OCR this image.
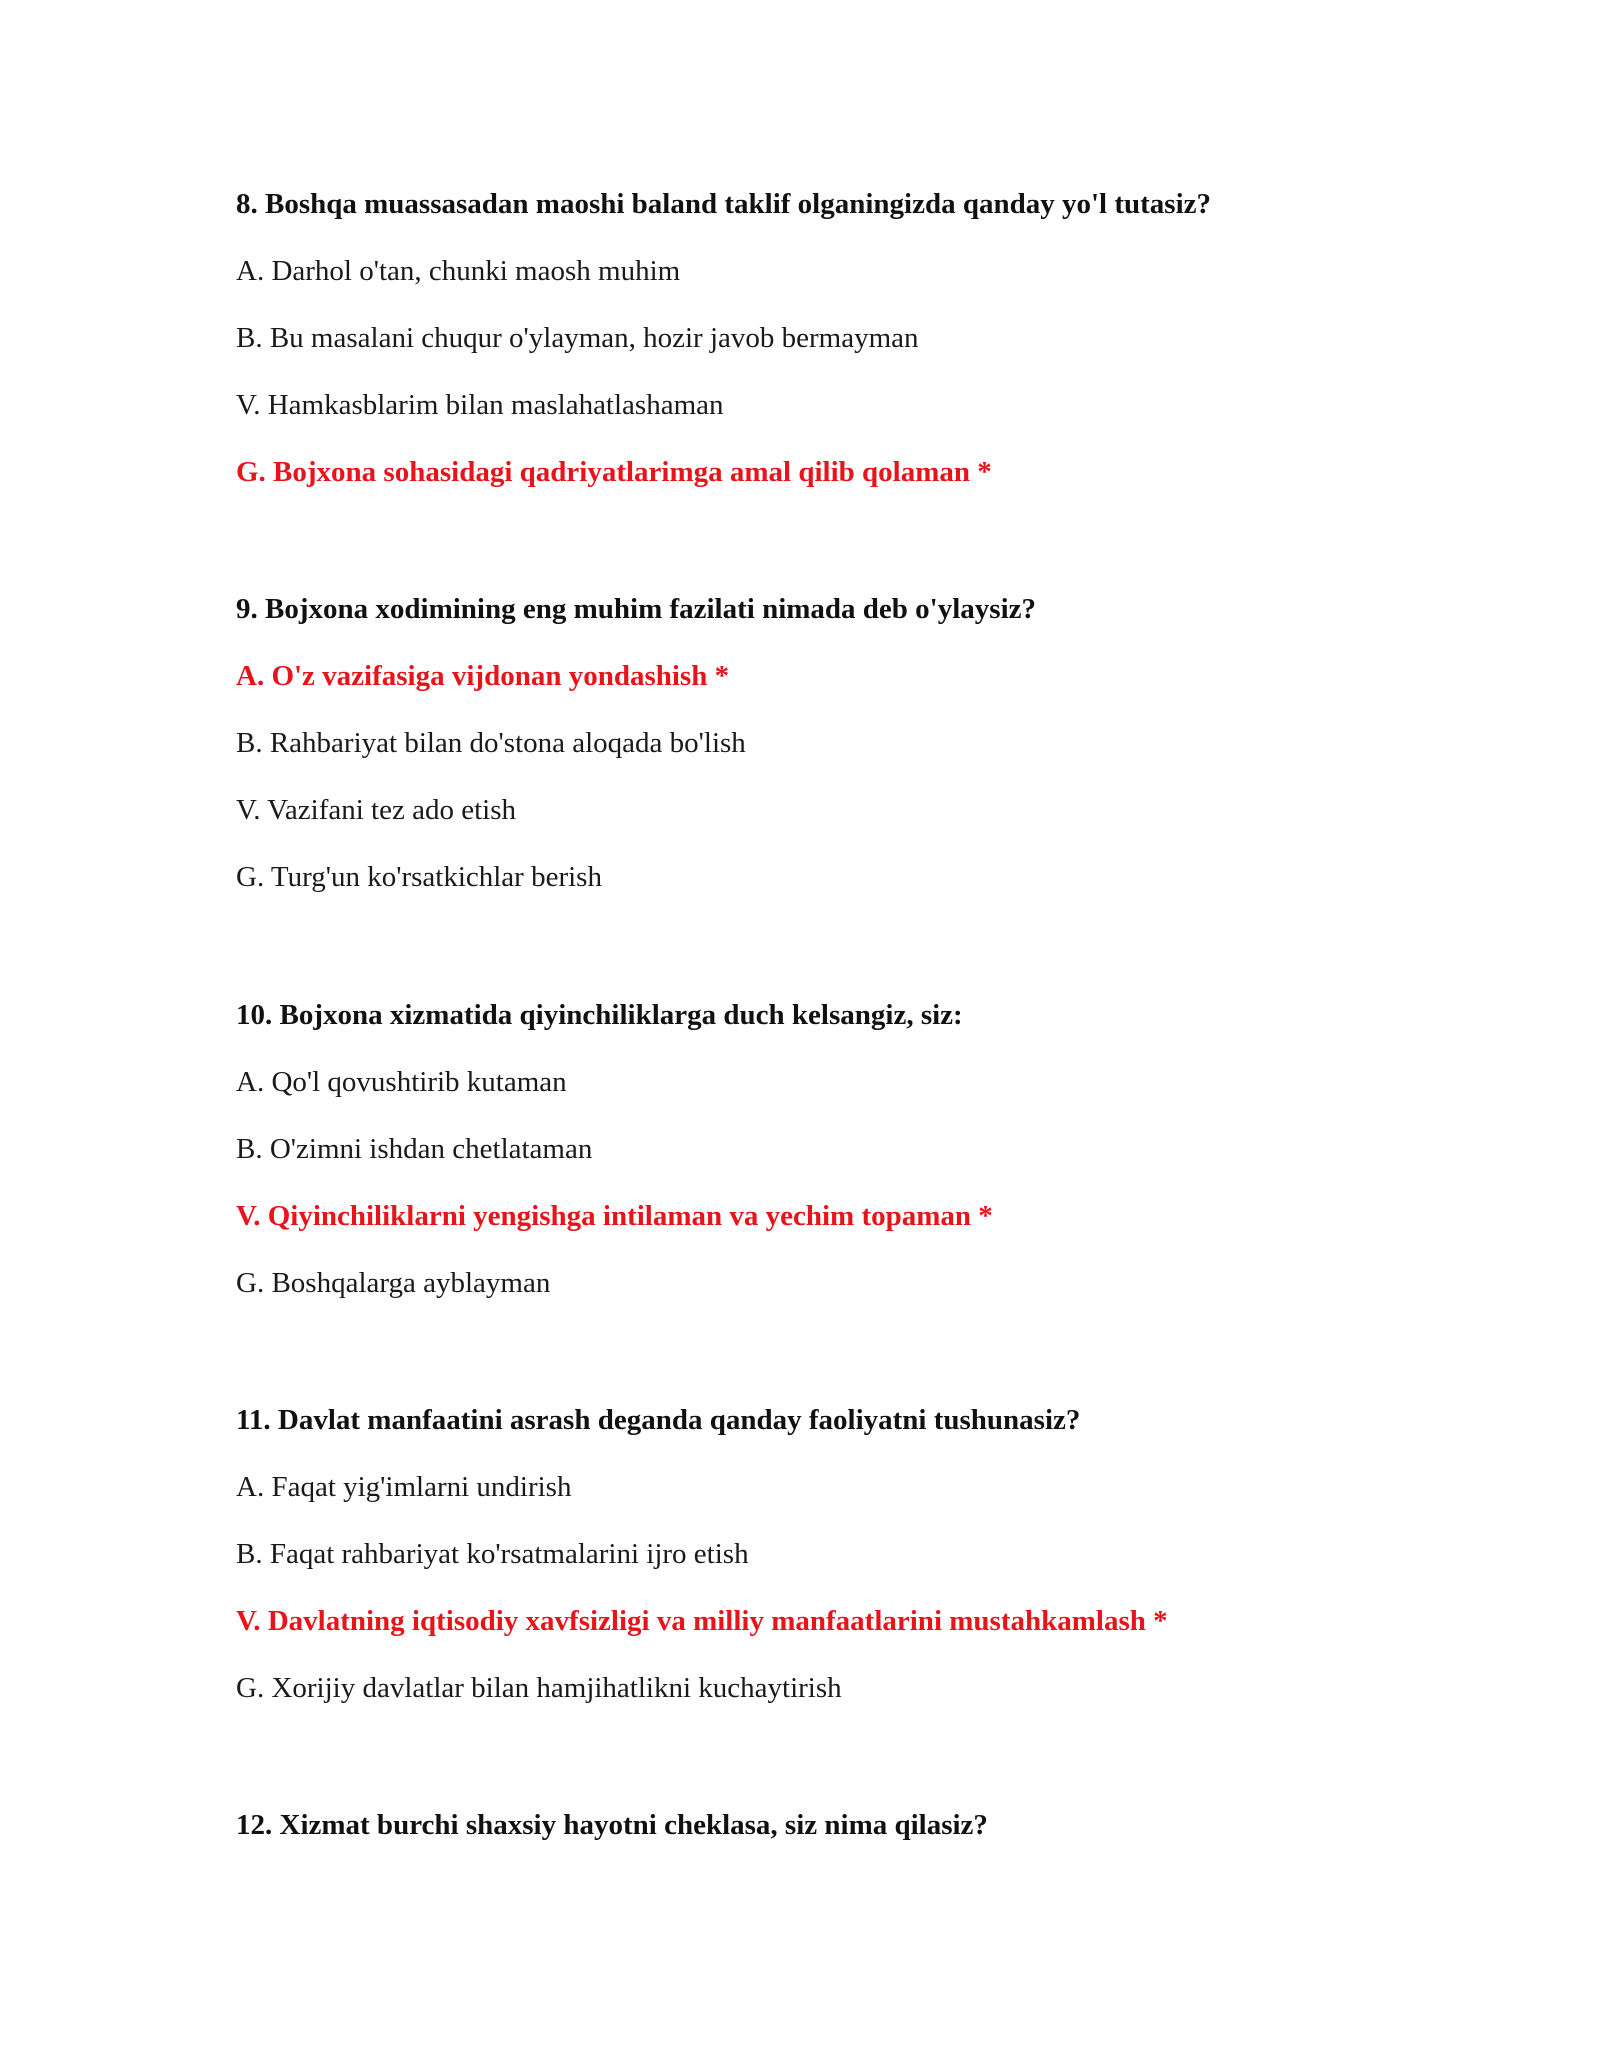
8. Boshqa muassasadan maoshi baland taklif olganingizda qanday yo'l tutasiz?
A. Darhol o'tan, chunki maosh muhim
B. Bu masalani chuqur o'ylayman, hozir javob bermayman
V. Hamkasblarim bilan maslahatlashaman
G. Bojxona sohasidagi qadriyatlarimga amal qilib qolaman *
9. Bojxona xodimining eng muhim fazilati nimada deb o'ylaysiz?
A. O'z vazifasiga vijdonan yondashish *
B. Rahbariyat bilan do'stona aloqada bo'lish
V. Vazifani tez ado etish
G. Turg'un ko'rsatkichlar berish
10. Bojxona xizmatida qiyinchiliklarga duch kelsangiz, siz:
A. Qo'l qovushtirib kutaman
B. O'zimni ishdan chetlataman
V. Qiyinchiliklarni yengishga intilaman va yechim topaman *
G. Boshqalarga ayblayman
11. Davlat manfaatini asrash deganda qanday faoliyatni tushunasiz?
A. Faqat yig'imlarni undirish
B. Faqat rahbariyat ko'rsatmalarini ijro etish
V. Davlatning iqtisodiy xavfsizligi va milliy manfaatlarini mustahkamlash *
G. Xorijiy davlatlar bilan hamjihatlikni kuchaytirish
12. Xizmat burchi shaxsiy hayotni cheklasa, siz nima qilasiz?
